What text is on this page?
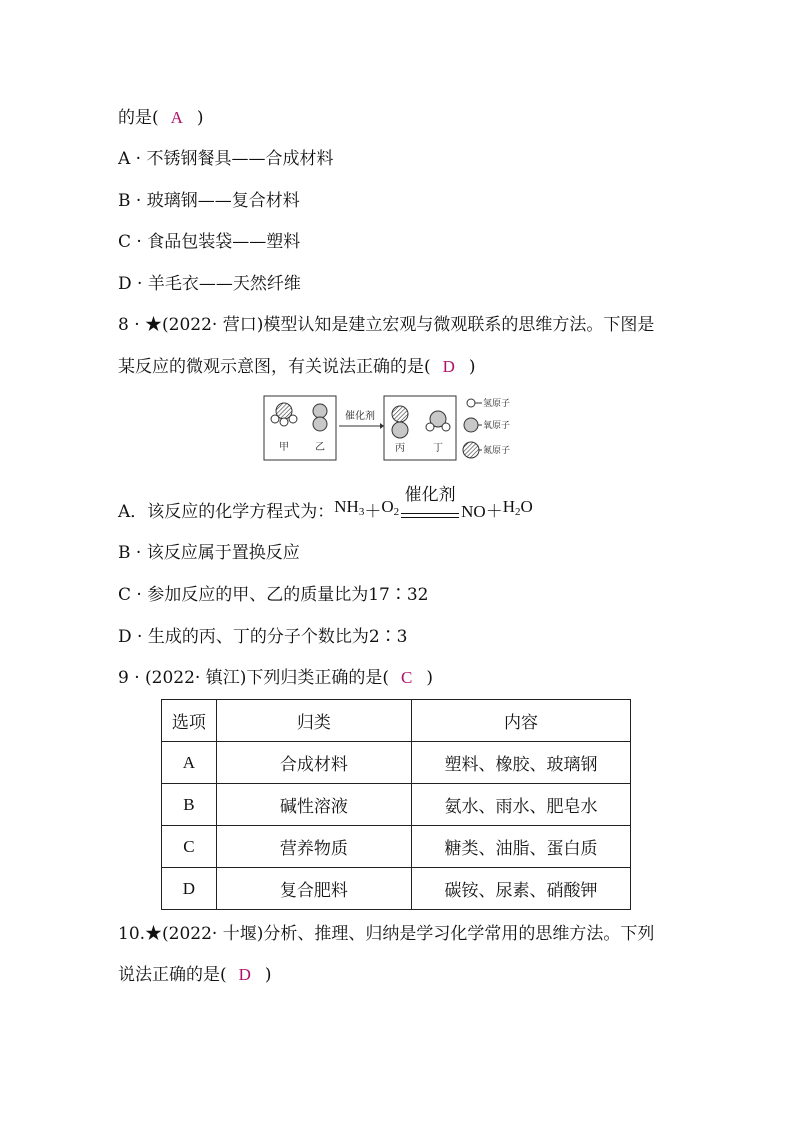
的是( A )
A · 不锈钢餐具——合成材料
B · 玻璃钢——复合材料
C · 食品包装袋——塑料
D · 羊毛衣——天然纤维
8 · ★(2022· 营口)模型认知是建立宏观与微观联系的思维方法。下图是
某反应的微观示意图，有关说法正确的是( D )
甲	乙
催化剂
丙	丁
氢原子
氧原子
氮原子
A．该反应的化学方程式为：$NH_3+O_2$
催化剂
$NO+H_2O$
B · 该反应属于置换反应
C · 参加反应的甲、乙的质量比为17∶32
D · 生成的丙、丁的分子个数比为2∶3
9 · (2022· 镇江)下列归类正确的是( C )
选项	归类	内容
A	合成材料	塑料、橡胶、玻璃钢
B	碱性溶液	氨水、雨水、肥皂水
C	营养物质	糖类、油脂、蛋白质
D	复合肥料	碳铵、尿素、硝酸钾
10.★(2022· 十堰)分析、推理、归纳是学习化学常用的思维方法。下列
说法正确的是( D )
